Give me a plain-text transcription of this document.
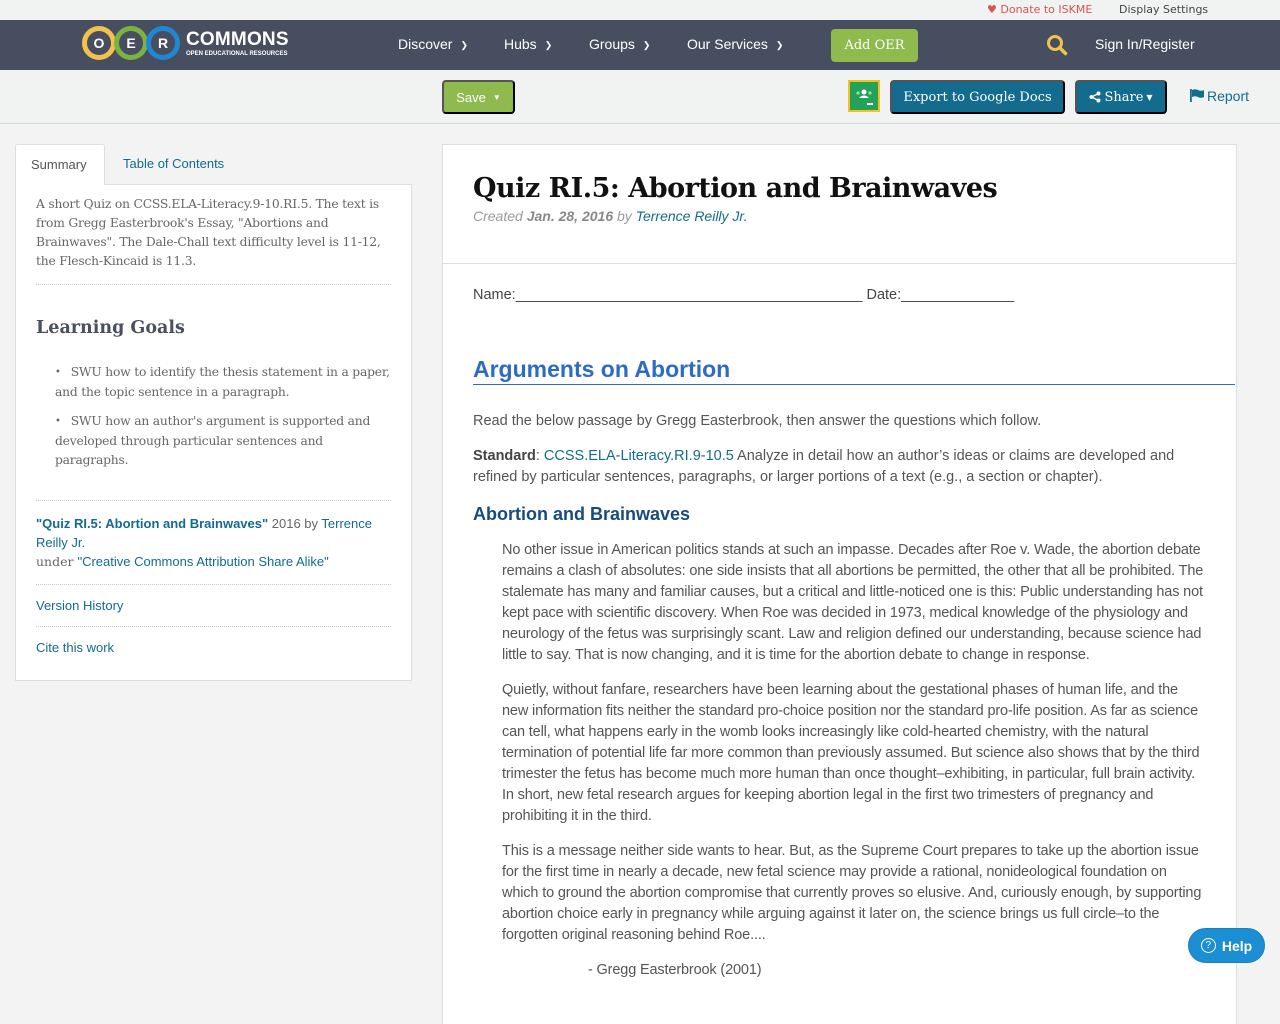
♥ Donate to ISKME Display Settings
O	E	R COMMONS
OPEN EDUCATIONAL RESOURCES
Discover ❯	Hubs ❯	Groups ❯	Our Services ❯	Add OER	Sign In/Register
Save ▼	Export to Google Docs	Share ▼	Report
Summary	Table of Contents
A short Quiz on CCSS.ELA-Literacy.9-10.RI.5. The text is from Gregg Easterbrook's Essay, "Abortions and Brainwaves". The Dale-Chall text difficulty level is 11-12, the Flesch-Kincaid is 11.3.
Learning Goals
• SWU how to identify the thesis statement in a paper, and the topic sentence in a paragraph.
• SWU how an author's argument is supported and developed through particular sentences and paragraphs.
"Quiz RI.5: Abortion and Brainwaves" 2016 by Terrence Reilly Jr.
under "Creative Commons Attribution Share Alike"
Version History
Cite this work
Quiz RI.5: Abortion and Brainwaves
Created Jan. 28, 2016 by Terrence Reilly Jr.

Name:___________________________________________ Date:______________

Arguments on Abortion

Read the below passage by Gregg Easterbrook, then answer the questions which follow.

Standard: CCSS.ELA-Literacy.RI.9-10.5 Analyze in detail how an author’s ideas or claims are developed and refined by particular sentences, paragraphs, or larger portions of a text (e.g., a section or chapter).

Abortion and Brainwaves

No other issue in American politics stands at such an impasse. Decades after Roe v. Wade, the abortion debate remains a clash of absolutes: one side insists that all abortions be permitted, the other that all be prohibited. The stalemate has many and familiar causes, but a critical and little-noticed one is this: Public understanding has not kept pace with scientific discovery. When Roe was decided in 1973, medical knowledge of the physiology and neurology of the fetus was surprisingly scant. Law and religion defined our understanding, because science had little to say. That is now changing, and it is time for the abortion debate to change in response.

Quietly, without fanfare, researchers have been learning about the gestational phases of human life, and the new information fits neither the standard pro-choice position nor the standard pro-life position. As far as science can tell, what happens early in the womb looks increasingly like cold-hearted chemistry, with the natural termination of potential life far more common than previously assumed. But science also shows that by the third trimester the fetus has become much more human than once thought–exhibiting, in particular, full brain activity. In short, new fetal research argues for keeping abortion legal in the first two trimesters of pregnancy and prohibiting it in the third.

This is a message neither side wants to hear. But, as the Supreme Court prepares to take up the abortion issue for the first time in nearly a decade, new fetal science may provide a rational, nonideological foundation on which to ground the abortion compromise that currently proves so elusive. And, curiously enough, by supporting abortion choice early in pregnancy while arguing against it later on, the science brings us full circle–to the forgotten original reasoning behind Roe....

- Gregg Easterbrook (2001)

? Help
